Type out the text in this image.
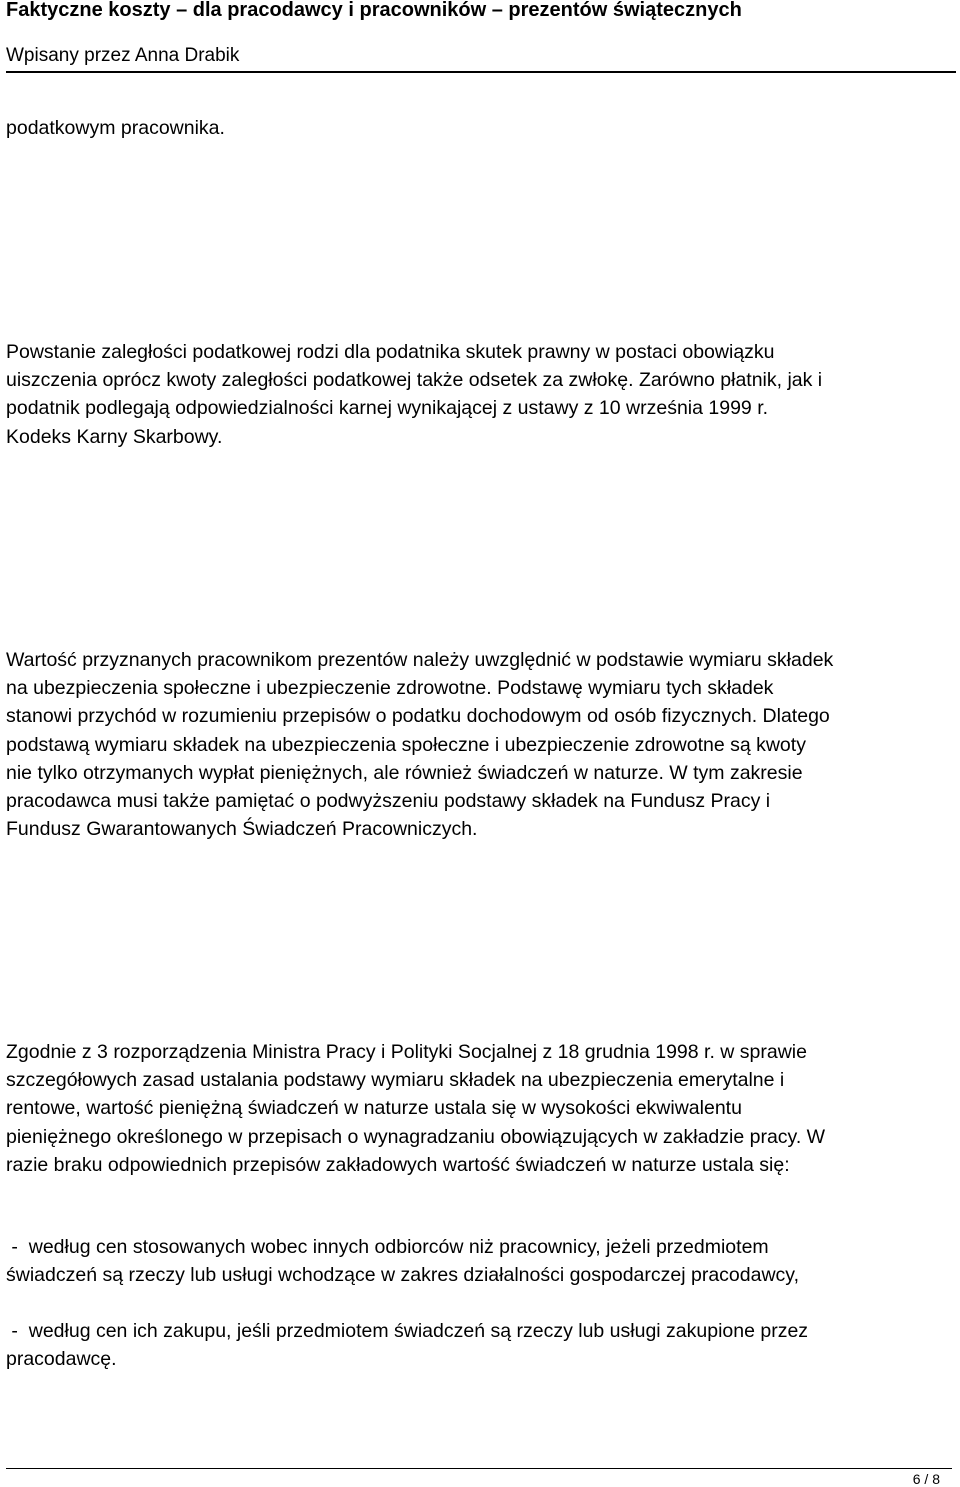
Faktyczne koszty – dla pracodawcy i pracowników – prezentów świątecznych
Wpisany przez Anna Drabik
podatkowym pracownika.
Powstanie zaległości podatkowej rodzi dla podatnika skutek prawny w postaci obowiązku
uiszczenia oprócz kwoty zaległości podatkowej także odsetek za zwłokę. Zarówno płatnik, jak i
podatnik podlegają odpowiedzialności karnej wynikającej z ustawy z 10 września 1999 r.
Kodeks Karny Skarbowy.
Wartość przyznanych pracownikom prezentów należy uwzględnić w podstawie wymiaru składek
na ubezpieczenia społeczne i ubezpieczenie zdrowotne. Podstawę wymiaru tych składek
stanowi przychód w rozumieniu przepisów o podatku dochodowym od osób fizycznych. Dlatego
podstawą wymiaru składek na ubezpieczenia społeczne i ubezpieczenie zdrowotne są kwoty
nie tylko otrzymanych wypłat pieniężnych, ale również świadczeń w naturze. W tym zakresie
pracodawca musi także pamiętać o podwyższeniu podstawy składek na Fundusz Pracy i
Fundusz Gwarantowanych Świadczeń Pracowniczych.
Zgodnie z 3 rozporządzenia Ministra Pracy i Polityki Socjalnej z 18 grudnia 1998 r. w sprawie
szczegółowych zasad ustalania podstawy wymiaru składek na ubezpieczenia emerytalne i
rentowe, wartość pieniężną świadczeń w naturze ustala się w wysokości ekwiwalentu
pieniężnego określonego w przepisach o wynagradzaniu obowiązujących w zakładzie pracy. W
razie braku odpowiednich przepisów zakładowych wartość świadczeń w naturze ustala się:
-  według cen stosowanych wobec innych odbiorców niż pracownicy, jeżeli przedmiotem
świadczeń są rzeczy lub usługi wchodzące w zakres działalności gospodarczej pracodawcy,
-  według cen ich zakupu, jeśli przedmiotem świadczeń są rzeczy lub usługi zakupione przez
pracodawcę.
6 / 8
